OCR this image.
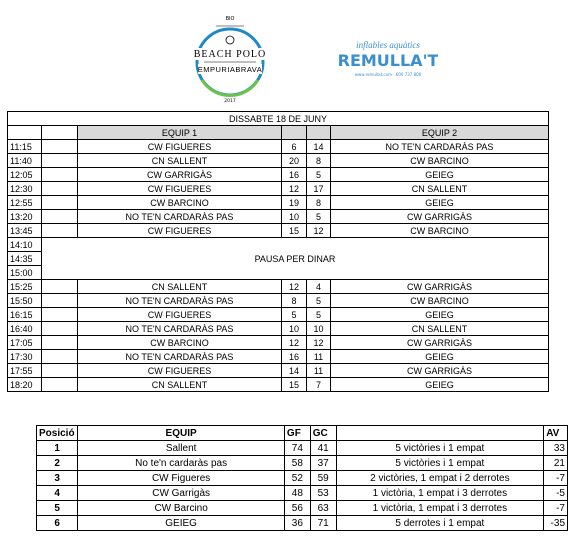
BIO
BEACH POLO
EMPURIABRAVA
2017
inflables aquàtics
REMULLA'T
www.remullat.com · 600 737 800
DISSABTE 18 DE JUNY					
		EQUIP 1			EQUIP 2
11:15		CW FIGUERES	6	14	NO TE'N CARDARÀS PAS
11:40		CN SALLENT	20	8	CW BARCINO
12:05		CW GARRIGÀS	16	5	GEIEG
12:30		CW FIGUERES	12	17	CN SALLENT
12:55		CW BARCINO	19	8	GEIEG
13:20		NO TE'N CARDARÀS PAS	10	5	CW GARRIGÀS
13:45		CW FIGUERES	15	12	CW BARCINO
14:10	PAUSA PER DINAR				
14:35					
15:00					
15:25		CN SALLENT	12	4	CW GARRIGÀS
15:50		NO TE'N CARDARÀS PAS	8	5	CW BARCINO
16:15		CW FIGUERES	5	5	GEIEG
16:40		NO TE'N CARDARÀS PAS	10	10	CN SALLENT
17:05		CW BARCINO	12	12	CW GARRIGÀS
17:30		NO TE'N CARDARÀS PAS	16	11	GEIEG
17:55		CW FIGUERES	14	11	CW GARRIGÀS
18:20		CN SALLENT	15	7	GEIEG
Posició	EQUIP	GF	GC		AV
1	Sallent	74	41	5 victòries i 1 empat	33
2	No te'n cardaràs pas	58	37	5 victòries i 1 empat	21
3	CW Figueres	52	59	2 victòries, 1 empat i 2 derrotes	-7
4	CW Garrigàs	48	53	1 victòria, 1 empat i 3 derrotes	-5
5	CW Barcino	56	63	1 victòria, 1 empat i 3 derrotes	-7
6	GEIEG	36	71	5 derrotes i 1 empat	-35
